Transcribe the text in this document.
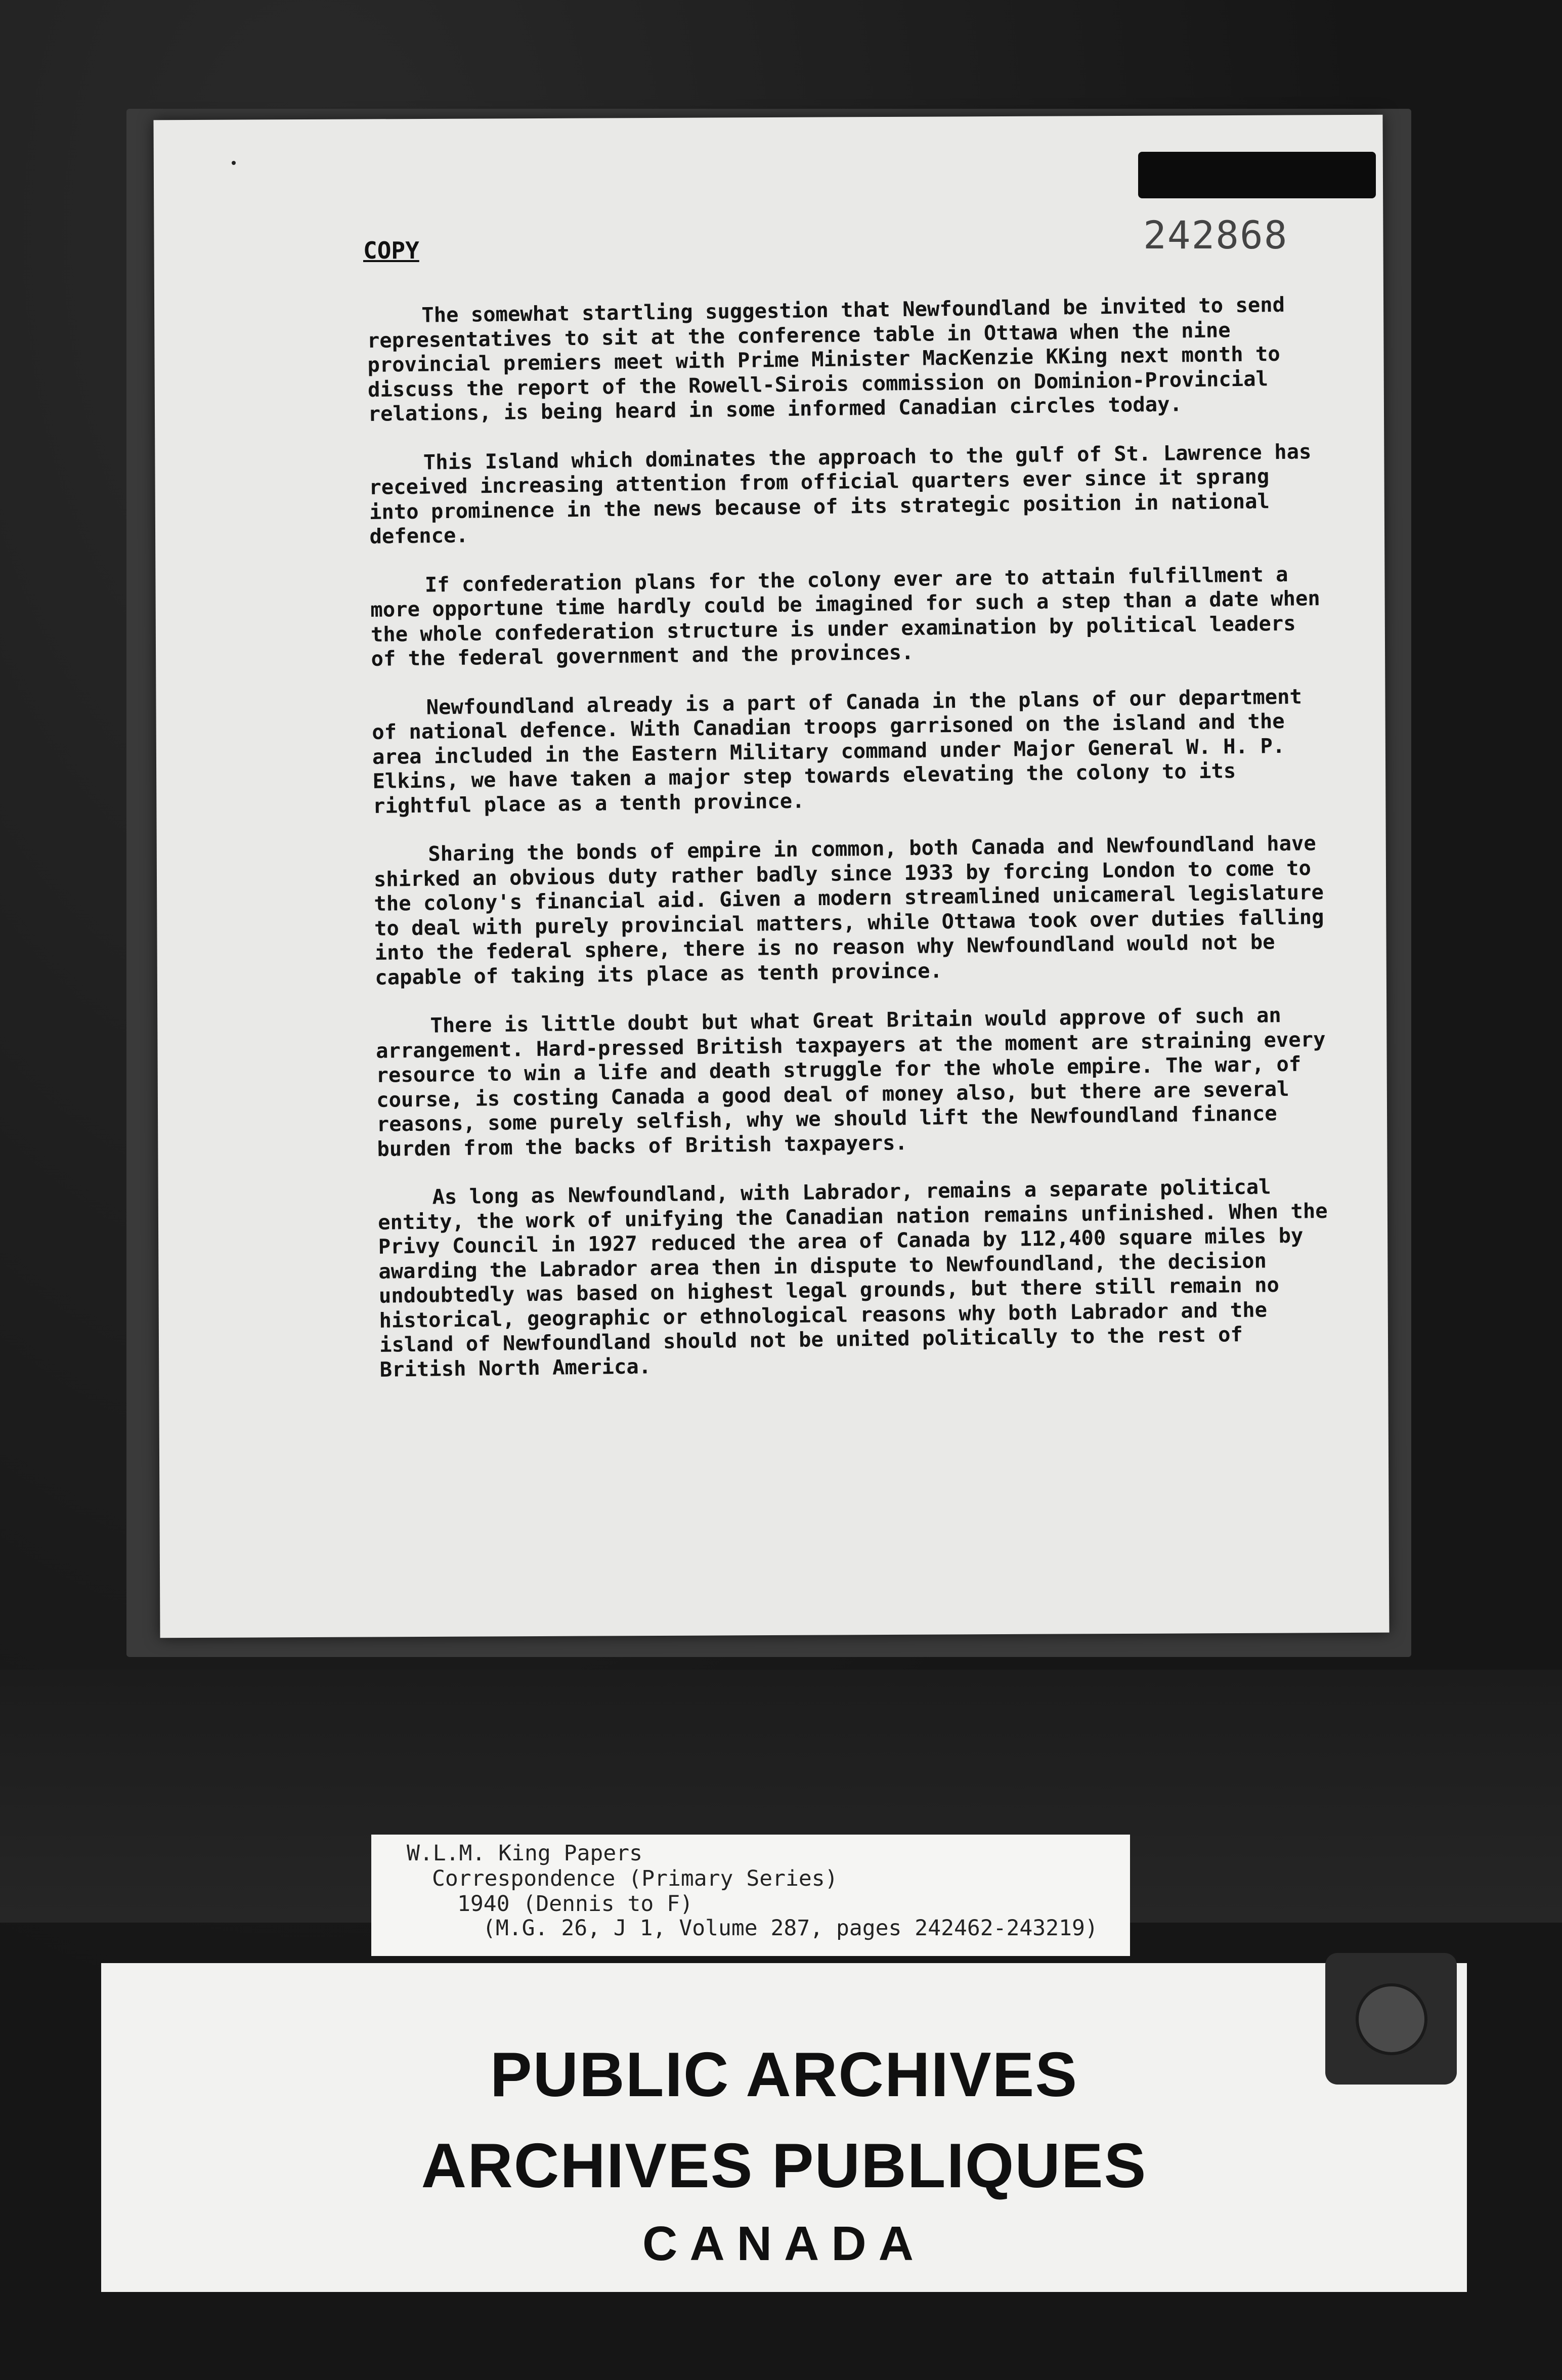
242868
COPY

The somewhat startling suggestion that Newfoundland be invited to send representatives to sit at the conference table in Ottawa when the nine provincial premiers meet with Prime Minister MacKenzie KKing next month to discuss the report of the Rowell-Sirois commission on Dominion-Provincial relations, is being heard in some informed Canadian circles today.

This Island which dominates the approach to the gulf of St. Lawrence has received increasing attention from official quarters ever since it sprang into prominence in the news because of its strategic position in national defence.

If confederation plans for the colony ever are to attain fulfillment a more opportune time hardly could be imagined for such a step than a date when the whole confederation structure is under examination by political leaders of the federal government and the provinces.

Newfoundland already is a part of Canada in the plans of our department of national defence. With Canadian troops garrisoned on the island and the area included in the Eastern Military command under Major General W. H. P. Elkins, we have taken a major step towards elevating the colony to its rightful place as a tenth province.

Sharing the bonds of empire in common, both Canada and Newfoundland have shirked an obvious duty rather badly since 1933 by forcing London to come to the colony's financial aid. Given a modern streamlined unicameral legislature to deal with purely provincial matters, while Ottawa took over duties falling into the federal sphere, there is no reason why Newfoundland would not be capable of taking its place as tenth province.

There is little doubt but what Great Britain would approve of such an arrangement. Hard-pressed British taxpayers at the moment are straining every resource to win a life and death struggle for the whole empire. The war, of course, is costing Canada a good deal of money also, but there are several reasons, some purely selfish, why we should lift the Newfoundland finance burden from the backs of British taxpayers.

As long as Newfoundland, with Labrador, remains a separate political entity, the work of unifying the Canadian nation remains unfinished. When the Privy Council in 1927 reduced the area of Canada by 112,400 square miles by awarding the Labrador area then in dispute to Newfoundland, the decision undoubtedly was based on highest legal grounds, but there still remain no historical, geographic or ethnological reasons why both Labrador and the island of Newfoundland should not be united politically to the rest of British North America.

W.L.M. King Papers
Correspondence (Primary Series)
1940 (Dennis to F)
(M.G. 26, J 1, Volume 287, pages 242462-243219)
PUBLIC ARCHIVES
ARCHIVES PUBLIQUES
CANADA
